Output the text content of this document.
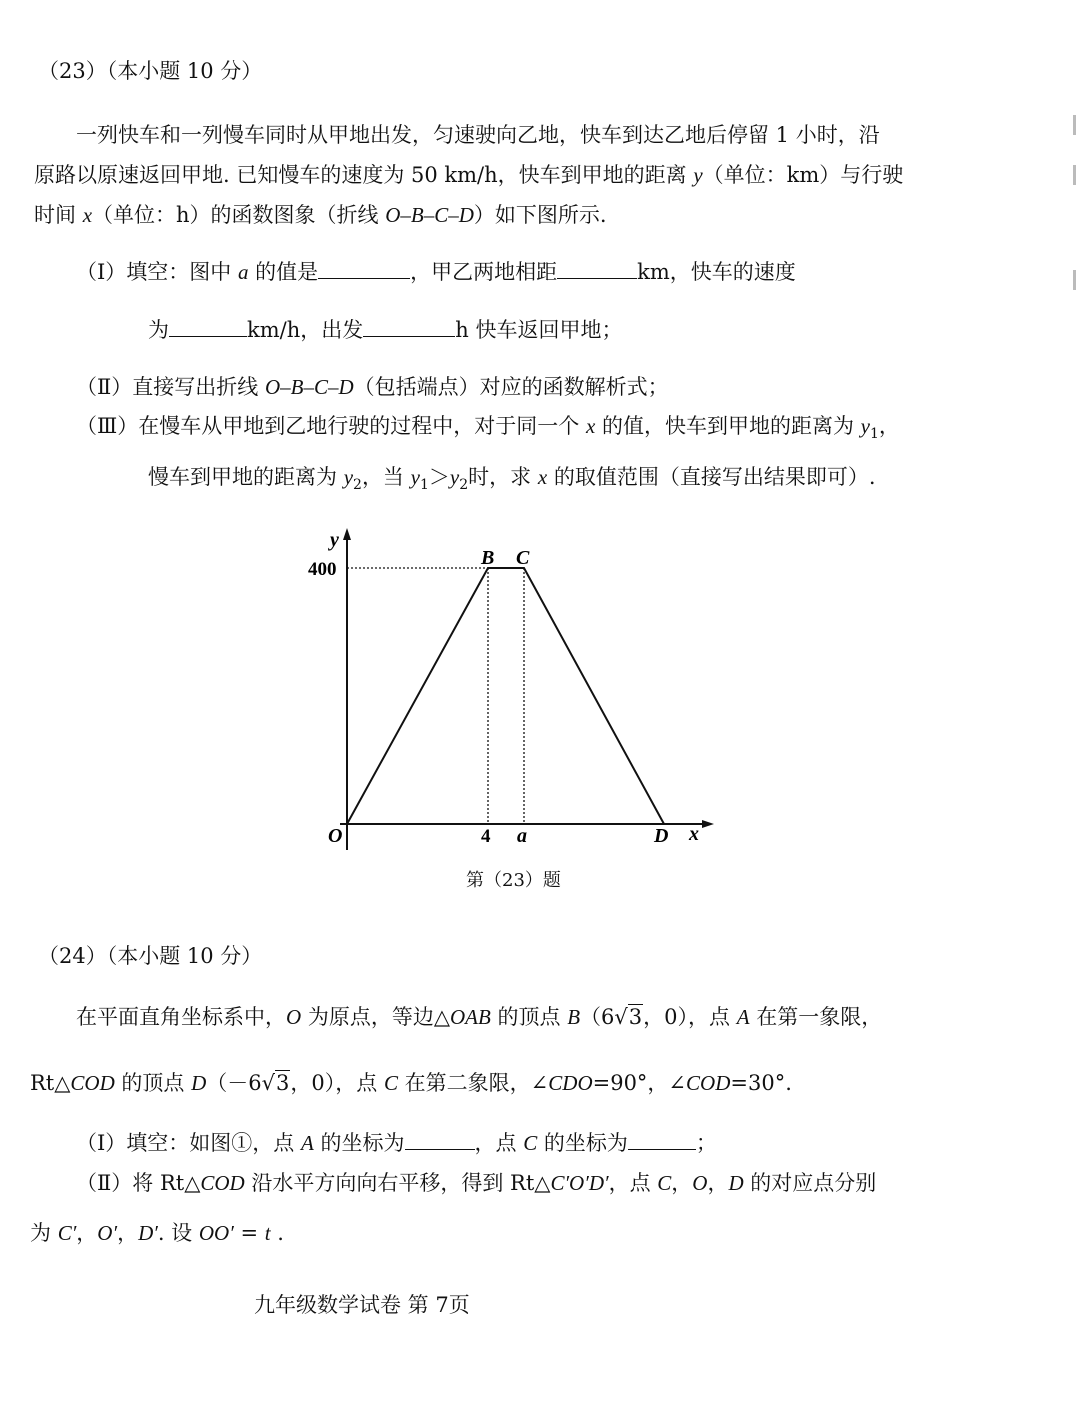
（23）（本小题 10 分）
一列快车和一列慢车同时从甲地出发，匀速驶向乙地，快车到达乙地后停留 1 小时，沿
原路以原速返回甲地. 已知慢车的速度为 50 km/h，快车到甲地的距离 y（单位：km）与行驶
时间 x（单位：h）的函数图象（折线 O–B–C–D）如下图所示.
（Ⅰ）填空：图中 a 的值是	，甲乙两地相距	km，快车的速度
为	km/h，出发	h 快车返回甲地；
（Ⅱ）直接写出折线 O–B–C–D（包括端点）对应的函数解析式；
（Ⅲ）在慢车从甲地到乙地行驶的过程中，对于同一个 x 的值，快车到甲地的距离为 $y_1$，
慢车到甲地的距离为 $y_2$，当 $y_1>y_2$时，求 x 的取值范围（直接写出结果即可）.
y
400
B C
O	4 a	D x
第（23）题
（24）（本小题 10 分）
在平面直角坐标系中，O 为原点，等边△OAB 的顶点 B（6√3，0），点 A 在第一象限，
Rt△COD 的顶点 D（－6√3，0），点 C 在第二象限，∠CDO=90°，∠COD=30°.
（Ⅰ）填空：如图①，点 A 的坐标为	，点 C 的坐标为	；
（Ⅱ）将 Rt△COD 沿水平方向向右平移，得到 Rt△C′O′D′，点 C，O，D 的对应点分别
为 C′，O′，D′. 设 OO′ = t .
九年级数学试卷 第 7页
